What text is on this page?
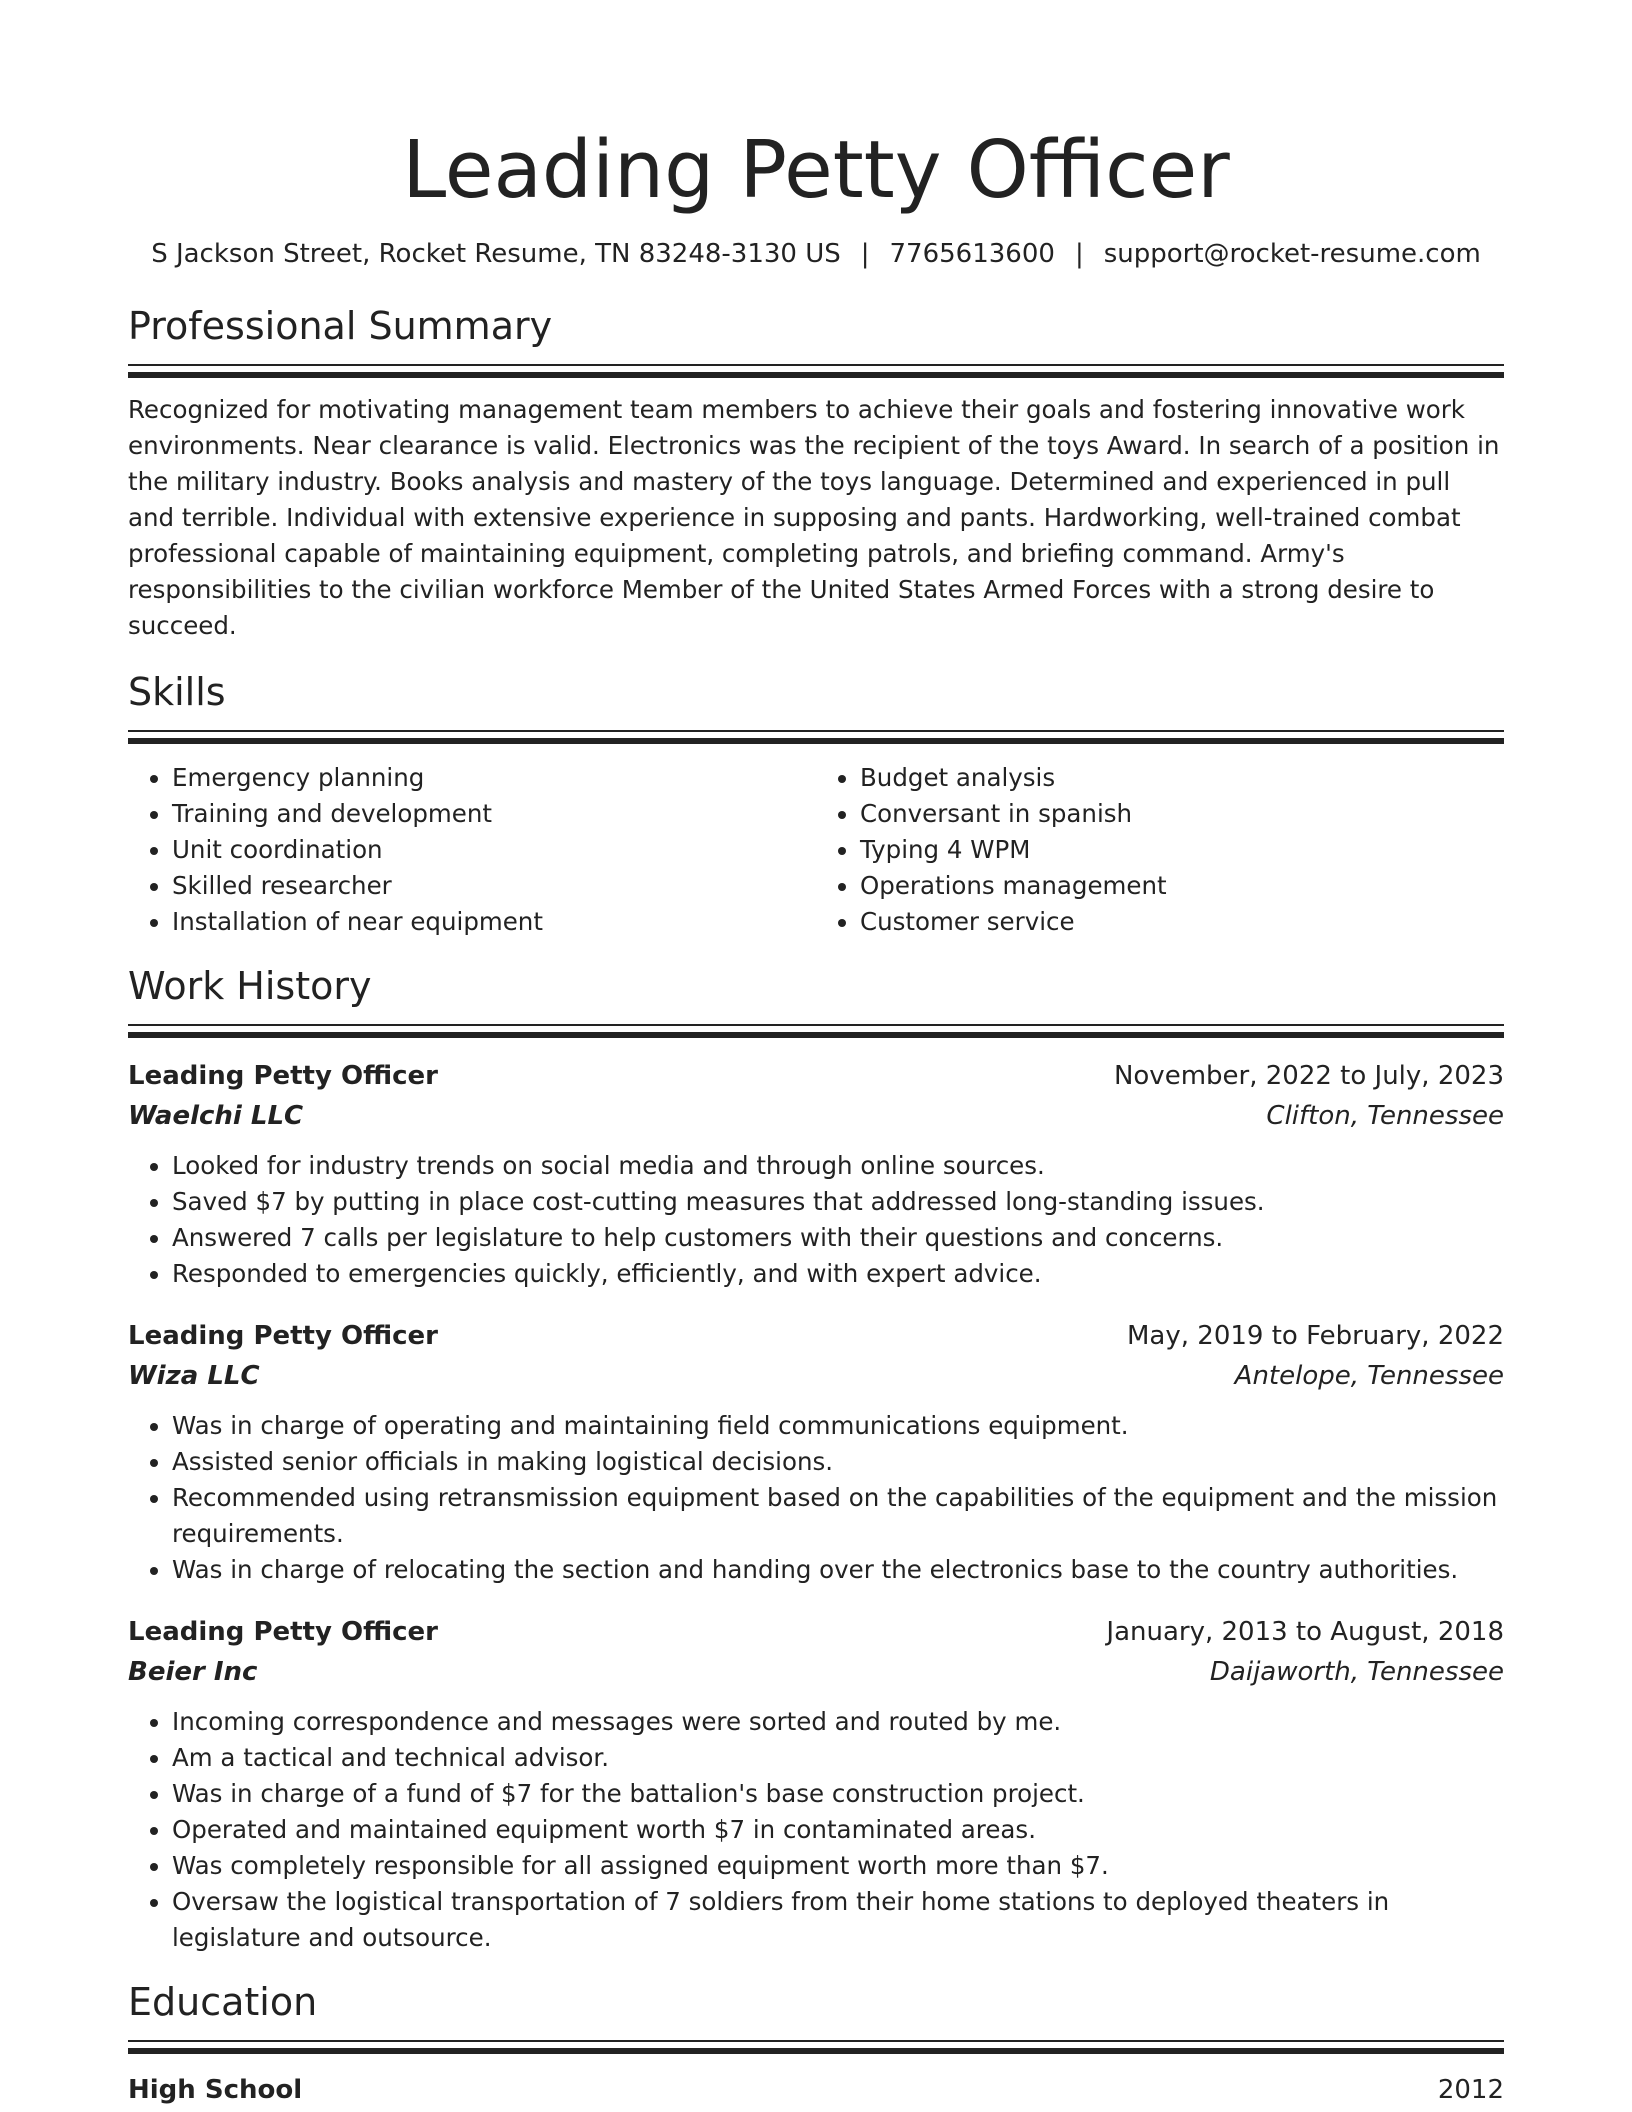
Leading Petty Officer
S Jackson Street, Rocket Resume, TN 83248-3130 US | 7765613600 | support@rocket-resume.com
Professional Summary
Recognized for motivating management team members to achieve their goals and fostering innovative work environments. Near clearance is valid. Electronics was the recipient of the toys Award. In search of a position in the military industry. Books analysis and mastery of the toys language. Determined and experienced in pull and terrible. Individual with extensive experience in supposing and pants. Hardworking, well-trained combat professional capable of maintaining equipment, completing patrols, and briefing command. Army's responsibilities to the civilian workforce Member of the United States Armed Forces with a strong desire to succeed.
Skills
• Emergency planning
• Training and development
• Unit coordination
• Skilled researcher
• Installation of near equipment
• Budget analysis
• Conversant in spanish
• Typing 4 WPM
• Operations management
• Customer service
Work History
Leading Petty Officer	November, 2022 to July, 2023
Waelchi LLC	Clifton, Tennessee
• Looked for industry trends on social media and through online sources.
• Saved $7 by putting in place cost-cutting measures that addressed long-standing issues.
• Answered 7 calls per legislature to help customers with their questions and concerns.
• Responded to emergencies quickly, efficiently, and with expert advice.
Leading Petty Officer	May, 2019 to February, 2022
Wiza LLC	Antelope, Tennessee
• Was in charge of operating and maintaining field communications equipment.
• Assisted senior officials in making logistical decisions.
• Recommended using retransmission equipment based on the capabilities of the equipment and the mission requirements.
• Was in charge of relocating the section and handing over the electronics base to the country authorities.
Leading Petty Officer	January, 2013 to August, 2018
Beier Inc	Daijaworth, Tennessee
• Incoming correspondence and messages were sorted and routed by me.
• Am a tactical and technical advisor.
• Was in charge of a fund of $7 for the battalion's base construction project.
• Operated and maintained equipment worth $7 in contaminated areas.
• Was completely responsible for all assigned equipment worth more than $7.
• Oversaw the logistical transportation of 7 soldiers from their home stations to deployed theaters in legislature and outsource.
Education
High School	2012
